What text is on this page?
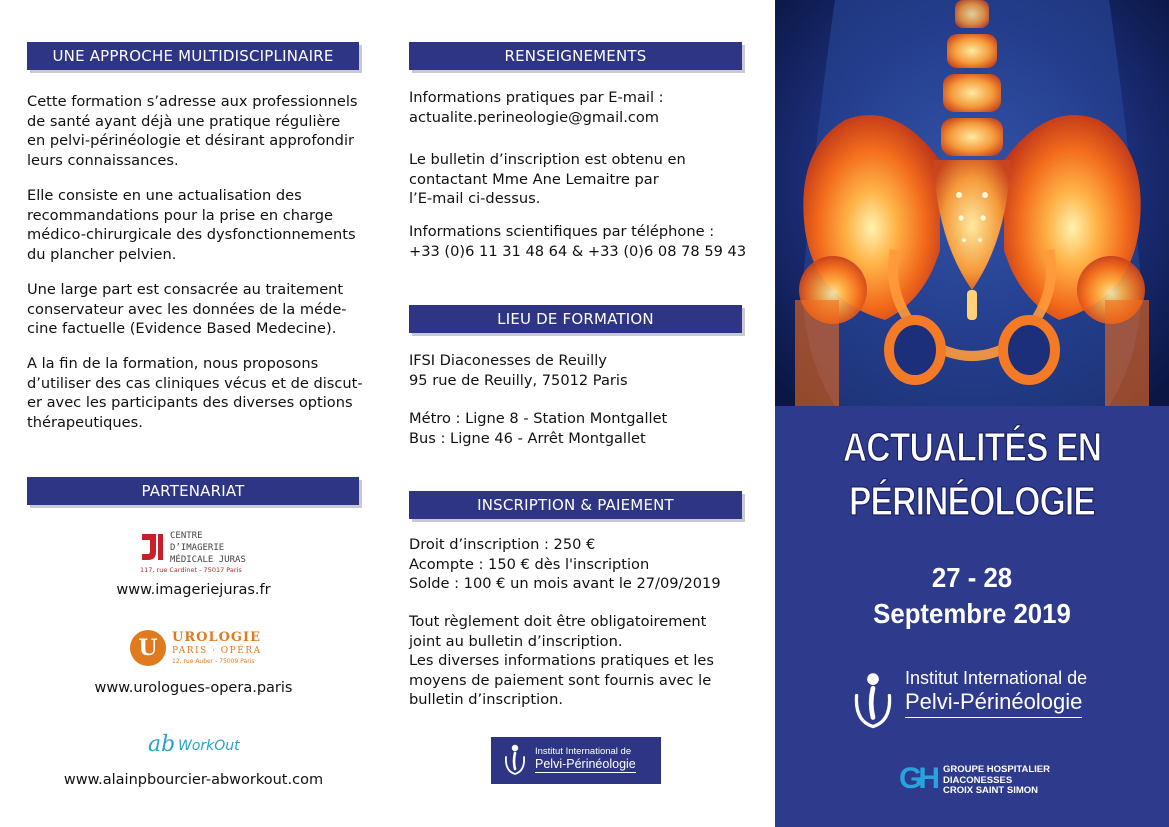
UNE APPROCHE MULTIDISCIPLINAIRE
Cette formation s’adresse aux professionnels
de santé ayant déjà une pratique régulière
en pelvi-périnéologie et désirant approfondir
leurs connaissances.
Elle consiste en une actualisation des
recommandations pour la prise en charge
médico-chirurgicale des dysfonctionnements
du plancher pelvien.
Une large part est consacrée au traitement
conservateur avec les données de la méde-
cine factuelle (Evidence Based Medecine).
A la fin de la formation, nous proposons
d’utiliser des cas cliniques vécus et de discut-
er avec les participants des diverses options
thérapeutiques.
PARTENARIAT
CENTRE D’IMAGERIE
MÉDICALE JURAS
117, rue Cardinet - 75017 Paris
www.imageriejuras.fr
U	UROLOGIE
PARIS · OPÉRA
12, rue Auber - 75009 Paris
www.urologues-opera.paris
ab WorkOut
www.alainpbourcier-abworkout.com
RENSEIGNEMENTS
Informations pratiques par E-mail :
actualite.perineologie@gmail.com
Le bulletin d’inscription est obtenu en
contactant Mme Ane Lemaitre par
l’E-mail ci-dessus.
Informations scientifiques par téléphone :
+33 (0)6 11 31 48 64 & +33 (0)6 08 78 59 43
LIEU DE FORMATION
IFSI Diaconesses de Reuilly
95 rue de Reuilly, 75012 Paris
Métro : Ligne 8 - Station Montgallet
Bus : Ligne 46 - Arrêt Montgallet
INSCRIPTION & PAIEMENT
Droit d’inscription : 250 €
Acompte : 150 € dès l'inscription
Solde : 100 € un mois avant le 27/09/2019
Tout règlement doit être obligatoirement
joint au bulletin d’inscription.
Les diverses informations pratiques et les
moyens de paiement sont fournis avec le
bulletin d’inscription.
Institut International de
Pelvi-Périnéologie
ACTUALITÉS EN
PÉRINÉOLOGIE
27 - 28
Septembre 2019
Institut International de
Pelvi-Périnéologie
GH GROUPE HOSPITALIER
DIACONESSES
CROIX SAINT SIMON
